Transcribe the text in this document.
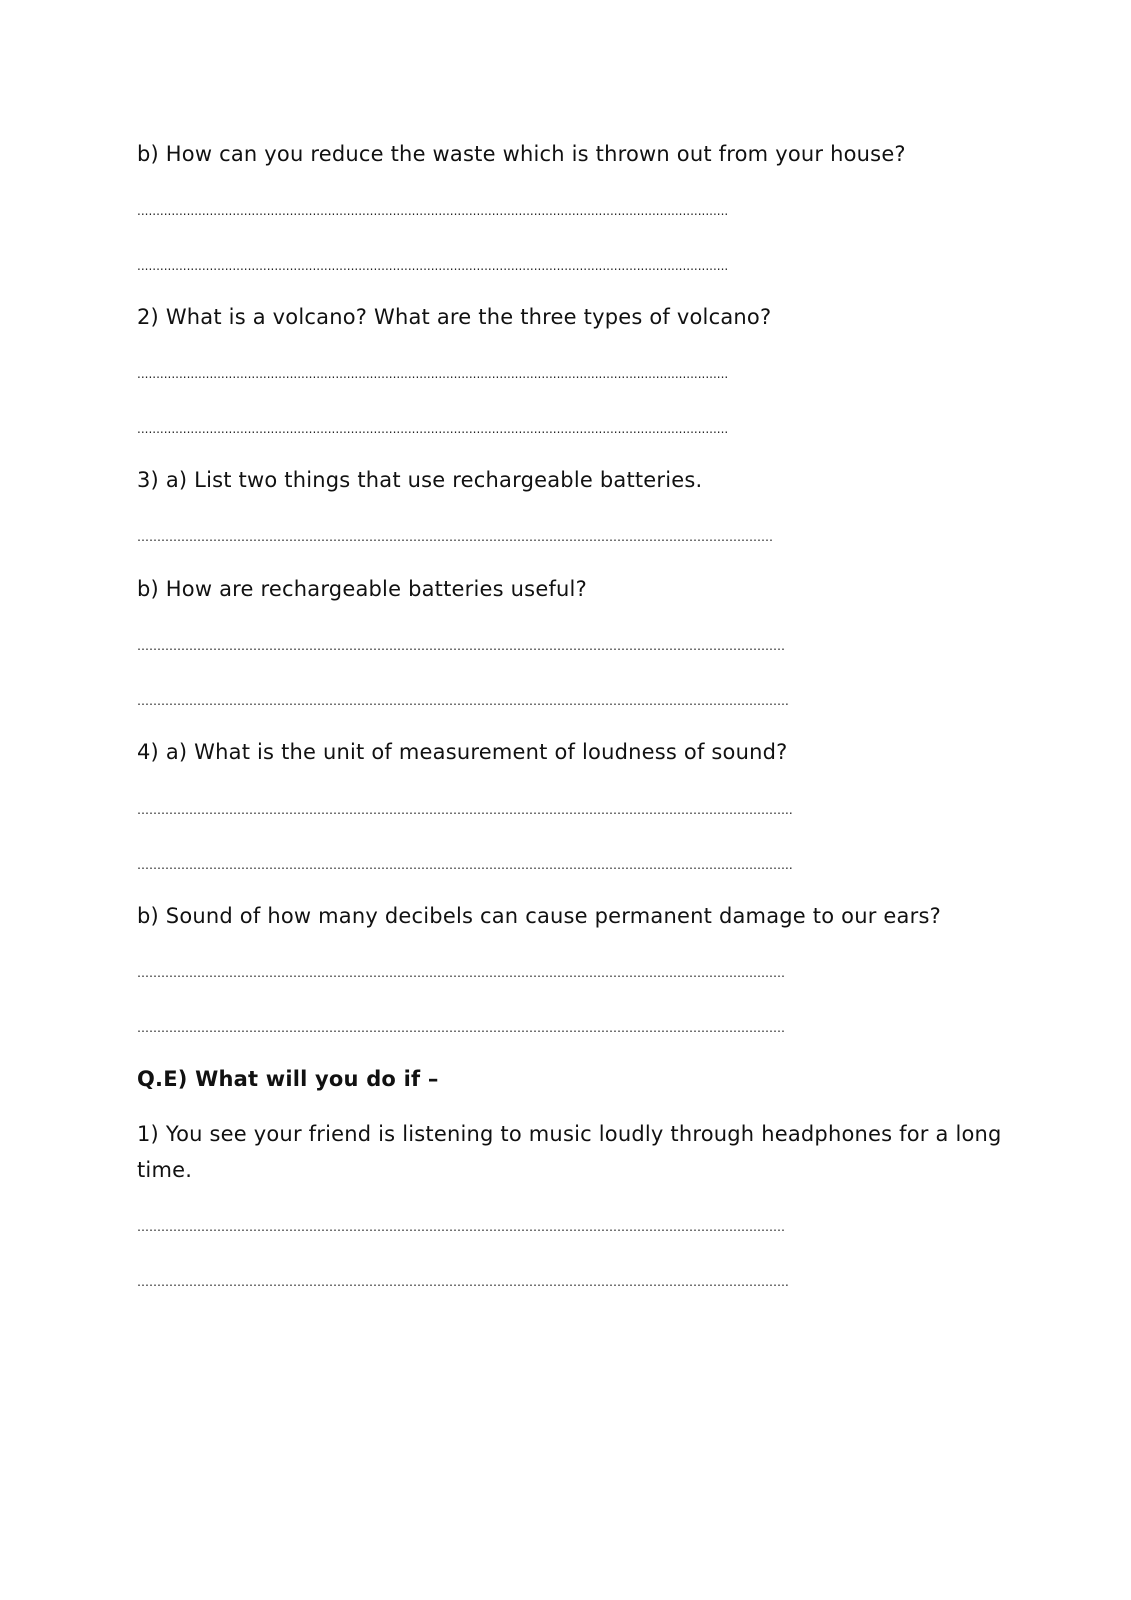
b) How can you reduce the waste which is thrown out from your house?
...........................................................................................................................................................
...........................................................................................................................................................
2) What is a volcano? What are the three types of volcano?
...........................................................................................................................................................
...........................................................................................................................................................
3) a) List two things that use rechargeable batteries.
……………………………………………………………………………………………………………………………………………
b) How are rechargeable batteries useful?
………………………………………………………………………………………………………………………………………………
……………………………………………………………………………………………………………………………………………….
4) a) What is the unit of measurement of loudness of sound?
………………………………………………………………………………………………………………………………………………..
………………………………………………………………………………………………………………………………………………..
b) Sound of how many decibels can cause permanent damage to our ears?
………………………………………………………………………………………………………………………………………………
………………………………………………………………………………………………………………………………………………
Q.E) What will you do if –
1) You see your friend is listening to music loudly through headphones for a long
time.
………………………………………………………………………………………………………………………………………………
……………………………………………………………………………………………………………………………………………….
